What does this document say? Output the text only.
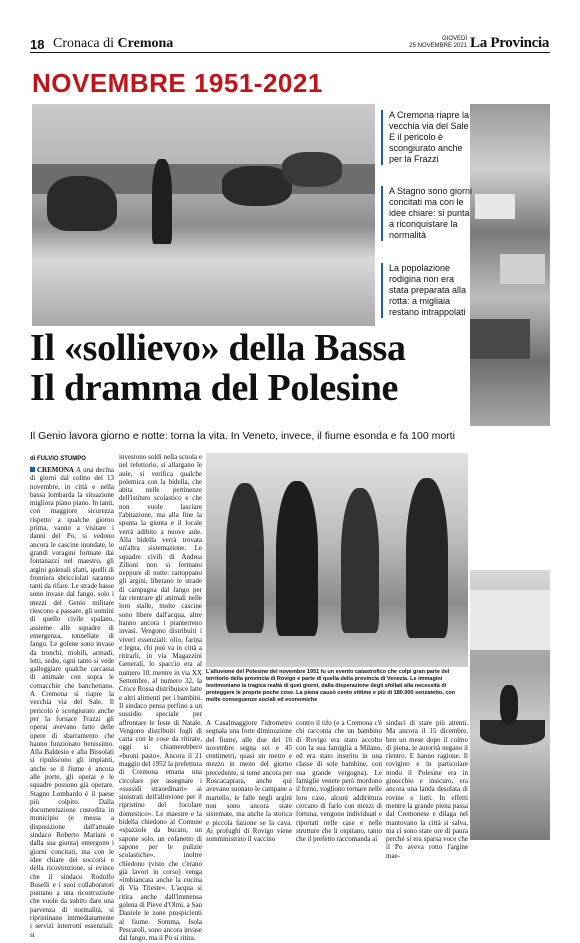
18 Cronaca di Cremona	GIOVEDÌ
25 NOVEMBRE 2021 La Provincia
NOVEMBRE 1951-2021
A Cremona riapre la vecchia via del Sale E il pericolo è scongiurato anche per la Frazzi
A Stagno sono giorni concitati ma con le idee chiare: si punta a riconquistare la normalità
La popolazione rodigina non era stata preparata alla rotta: a migliaia restano intrappolati
Il «sollievo» della Bassa
Il dramma del Polesine
Il Genio lavora giorno e notte: torna la vita. In Veneto, invece, il fiume esonda e fa 100 morti
di FULVIO STUMPO
CREMONA A una decina di giorni dal colmo del 13 novembre, in città e nella bassa lombarda la situazione migliora piano piano. In tanti, con maggiore sicurezza rispetto a qualche giorno prima, vanno a visitare i danni del Po, si vedono ancora le cascine inondate, le grandi voragini formate dai fontanazzi nel maestro, gli argini golenali sfatti, quelli di frontiera sbricciolati saranno tanti da rifare. Le strade basse sono invase dal fango, solo i mezzi del Genio militare riescono a passare, gli uomini di quello civile spalano, assieme alle squadre di emergenza, tonnellate di fango. Le golene sono invase da tronchi, mobili, armadi, letti, sedie, ogni tanto si vede galleggiare qualche carcassa di animale con sopra le cornacchie che banchettano. A Cremona si riapre la vecchia via del Sale. Il pericolo è scongiurato anche per la fornace Frazzi gli operai avevano fatto delle opere di sbarramento che hanno funzionato benissimo. Alla Baldesio e alla Bissolati si ripuliscono gli impianti, anche se il fiume è ancora alle porte, gli operai e le squadre possono già operare. Stagno Lombardo è il paese più colpito. Dalla documentazione custodita in municipio (e messa a disposizione dall'attuale sindaco Roberto Mariani e dalla sua giunta) emergono i giorni concitati, ma con le idee chiare dei soccorsi e della ricostruzione, si evince che il sindaco Rodolfo Boselli e i suoi collaboratori puntano a una ricostruzione che vuole da subito dare una parvenza di normalità, si ripristinano immediatamente i servizi interrotti essenziali: si
investono soldi nella scuola e nel refettorio, si allargano le aule, si verifica qualche polemica con la bidella, che abita nelle pertinenze dell'istituto scolastico e che non vuole lasciare l'abitazione, ma alla fine la spunta la giunta e il locale verrà adibito a nuove aule. Alla bidella verrà trovata un'altra sistemazione. Le squadre civili di Andrea Zilioni non si fermano neppure di notte: rattoppano gli argini, liberano le strade di campagna dal fango per far rientrare gli animali nelle loro stalle, molte cascine sono libere dall'acqua, altre hanno ancora i pianterreno invasi. Vengono distribuiti i viveri essenziali: olio, farina e legna, chi può va in città a ritirarli, in via Magazzini Generali, lo spaccio era al numero 10, mentre in via XX Settembre, al numero 32, la Croce Rossa distribuisce latte e altri alimenti per i bambini. Il sindaco pensa perfino a un sussidio speciale per affrontare le feste di Natale. Vengono distribuiti fogli di carta con le cose da ritirare, oggi si chiamerebbero «buoni pasto». Ancora il 21 maggio del 1952 la prefettura di Cremona emana una circolare per assegnare i «sussidi straordinari» ai sinistrati dell'alluvione per il ripristino del focolare domestico». Le maestre e la bidella chiedono al Comune «spazzole da bucato, un sapone solo, un cofanetto di sapone per le pulizie scolastiche», inoltre chiedono (visto che c'erano già lavori in corso) venga «imbiancata anche la cucina di Via Trieste». L'acqua si ritira anche dall'immensa golena di Pieve d'Olmi, a San Daniele le zone prospicienti al fiume. Somma, Isola Pescaroli, sono ancora invase dal fango, ma il Po si ritira.
L'alluvione del Polesine del novembre 1951 fu un evento catastrofico che colpì gran parte del territorio della provincia di Rovigo e parte di quella della provincia di Venezia. Le immagini testimoniano la tragica realtà di quei giorni, dalla disperazione degli sfollati alla necessità di proteggere le proprie poche cose. La piena causò cento vittime e più di 180.000 senzatetto, con molte conseguenze sociali ed economiche
A Casalmaggiore l'idrometro segnala una forte diminuzione del fiume, alle due del 16 novembre segna sei e 45 centimetri, quasi un metro e mezzo in meno del giorno precedente, si teme ancora per Roscacaprara, anche qui avevano suonato le campane a martello, le falle negli argini non sono ancora state sistemate, ma anche la storica e piccola fazione se la cava. Ai profughi di Rovigo viene somministrato il vaccino
contro il tifo (e a Cremona c'è chi racconta che un bambino di Rovigo era stato accolto con la sua famiglia a Milano, ed era stato inserito in una classe di sole bambine, con sua grande vergogna). Le famiglie venete però mordono il freno, vogliono tornare nelle loro case, alcuni addirittura cercano di farlo con mezzi di fortuna, vengono individuati e riportati nelle case e nelle strutture che li ospitano, tanto che il prefetto raccomanda ai
sindaci di stare più attenti. Ma ancora il 15 dicembre, ben un mese dopo il colmo di piena, le autorità negano il rientro. E hanno ragione. Il rovigino e in particolare modo il Polesine era in ginocchio e insicuro, era ancora una landa desolata di rovine e lutti. In effetti mentre la grande piena passa dal Cremonese e dilaga nel mantovano la città si salva, ma ci sono state ore di paura perché si era sparsa voce che il Po aveva rotto l'argine mae-
